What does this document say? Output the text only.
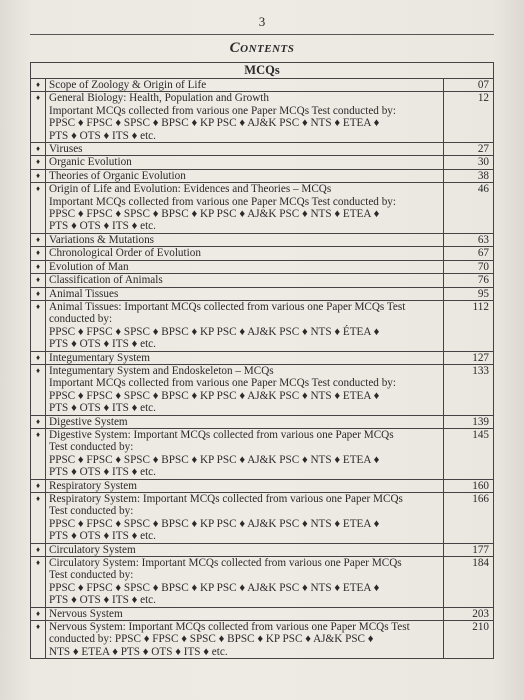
3
Contents
MCQs		
♦	Scope of Zoology & Origin of Life	07
♦	General Biology: Health, Population and Growth
Important MCQs collected from various one Paper MCQs Test conducted by:
PPSC ♦ FPSC ♦ SPSC ♦ BPSC ♦ KP PSC ♦ AJ&K PSC ♦ NTS ♦ ETEA ♦
PTS ♦ OTS ♦ ITS ♦ etc.	12
♦	Viruses	27
♦	Organic Evolution	30
♦	Theories of Organic Evolution	38
♦	Origin of Life and Evolution: Evidences and Theories – MCQs
Important MCQs collected from various one Paper MCQs Test conducted by:
PPSC ♦ FPSC ♦ SPSC ♦ BPSC ♦ KP PSC ♦ AJ&K PSC ♦ NTS ♦ ETEA ♦
PTS ♦ OTS ♦ ITS ♦ etc.	46
♦	Variations & Mutations	63
♦	Chronological Order of Evolution	67
♦	Evolution of Man	70
♦	Classification of Animals	76
♦	Animal Tissues	95
♦	Animal Tissues: Important MCQs collected from various one Paper MCQs Test
conducted by:
PPSC ♦ FPSC ♦ SPSC ♦ BPSC ♦ KP PSC ♦ AJ&K PSC ♦ NTS ♦ ÉTEA ♦
PTS ♦ OTS ♦ ITS ♦ etc.	112
♦	Integumentary System	127
♦	Integumentary System and Endoskeleton – MCQs
Important MCQs collected from various one Paper MCQs Test conducted by:
PPSC ♦ FPSC ♦ SPSC ♦ BPSC ♦ KP PSC ♦ AJ&K PSC ♦ NTS ♦ ETEA ♦
PTS ♦ OTS ♦ ITS ♦ etc.	133
♦	Digestive System	139
♦	Digestive System: Important MCQs collected from various one Paper MCQs
Test conducted by:
PPSC ♦ FPSC ♦ SPSC ♦ BPSC ♦ KP PSC ♦ AJ&K PSC ♦ NTS ♦ ETEA ♦
PTS ♦ OTS ♦ ITS ♦ etc.	145
♦	Respiratory System	160
♦	Respiratory System: Important MCQs collected from various one Paper MCQs
Test conducted by:
PPSC ♦ FPSC ♦ SPSC ♦ BPSC ♦ KP PSC ♦ AJ&K PSC ♦ NTS ♦ ETEA ♦
PTS ♦ OTS ♦ ITS ♦ etc.	166
♦	Circulatory System	177
♦	Circulatory System: Important MCQs collected from various one Paper MCQs
Test conducted by:
PPSC ♦ FPSC ♦ SPSC ♦ BPSC ♦ KP PSC ♦ AJ&K PSC ♦ NTS ♦ ETEA ♦
PTS ♦ OTS ♦ ITS ♦ etc.	184
♦	Nervous System	203
♦	Nervous System: Important MCQs collected from various one Paper MCQs Test
conducted by: PPSC ♦ FPSC ♦ SPSC ♦ BPSC ♦ KP PSC ♦ AJ&K PSC ♦
NTS ♦ ETEA ♦ PTS ♦ OTS ♦ ITS ♦ etc.	210
